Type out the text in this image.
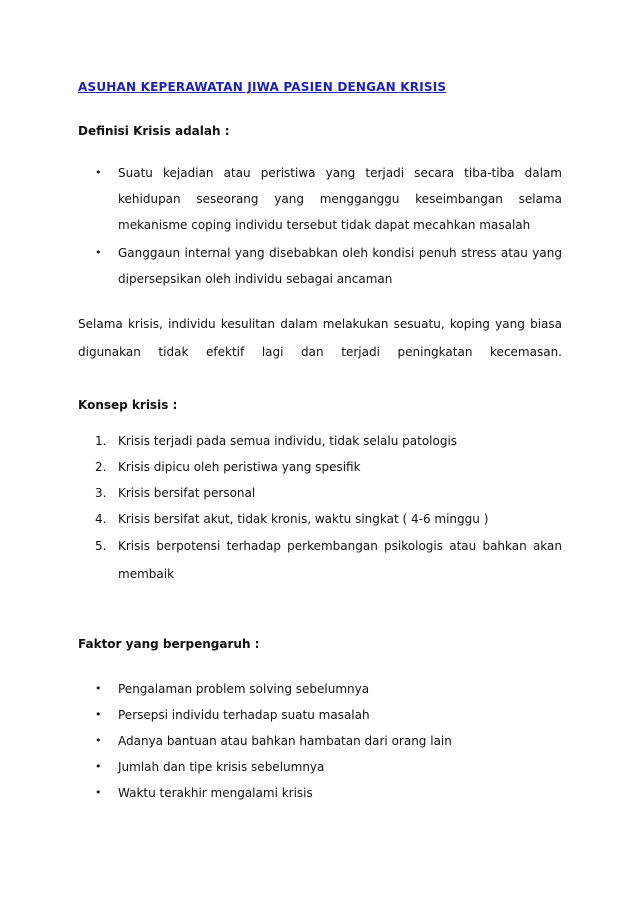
ASUHAN KEPERAWATAN JIWA PASIEN DENGAN KRISIS
Definisi Krisis adalah :
• Suatu kejadian atau peristiwa yang terjadi secara tiba-tiba dalam kehidupan seseorang yang mengganggu keseimbangan selama mekanisme coping individu tersebut tidak dapat mecahkan masalah
• Ganggaun internal yang disebabkan oleh kondisi penuh stress atau yang dipersepsikan oleh individu sebagai ancaman
Selama krisis, individu kesulitan dalam melakukan sesuatu, koping yang biasa digunakan tidak efektif lagi dan terjadi peningkatan kecemasan.
Konsep krisis :
1. Krisis terjadi pada semua individu, tidak selalu patologis
2. Krisis dipicu oleh peristiwa yang spesifik
3. Krisis bersifat personal
4. Krisis bersifat akut, tidak kronis, waktu singkat ( 4-6 minggu )
5. Krisis berpotensi terhadap perkembangan psikologis atau bahkan akan membaik
Faktor yang berpengaruh :
• Pengalaman problem solving sebelumnya
• Persepsi individu terhadap suatu masalah
• Adanya bantuan atau bahkan hambatan dari orang lain
• Jumlah dan tipe krisis sebelumnya
• Waktu terakhir mengalami krisis
